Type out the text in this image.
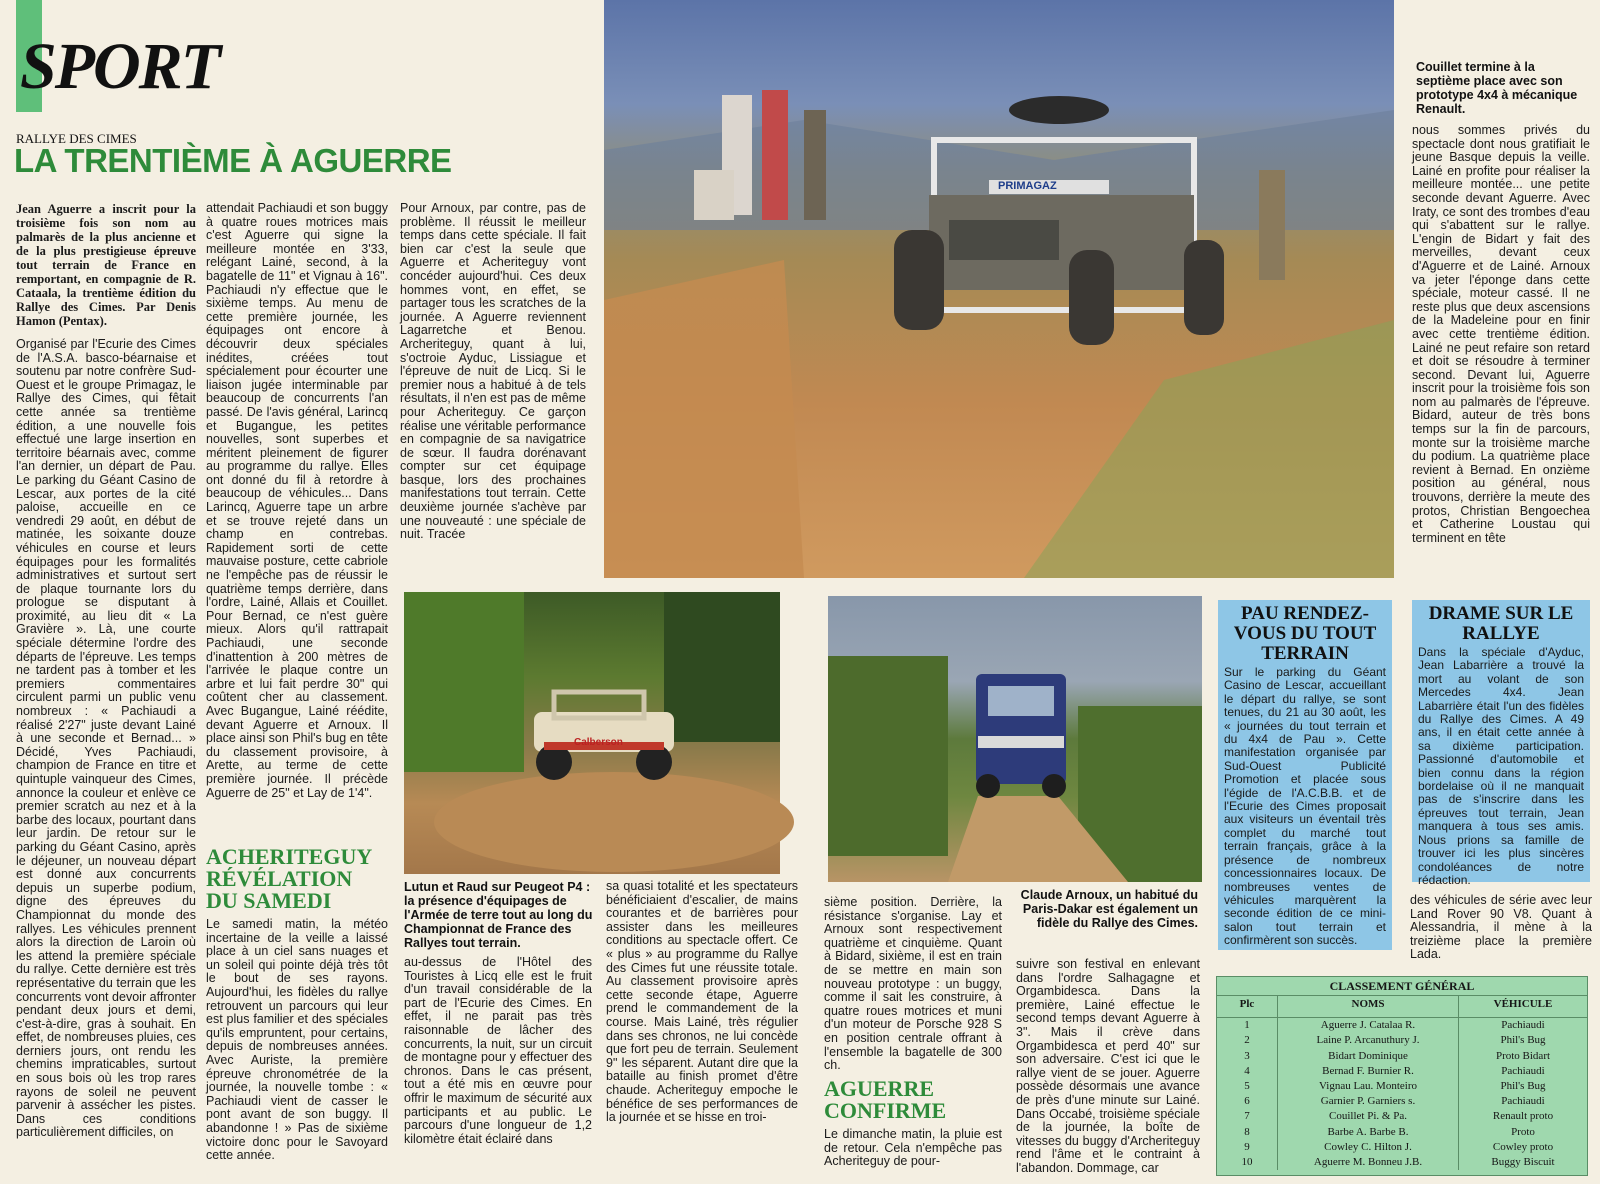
SPORT
RALLYE DES CIMES
LA TRENTIÈME À AGUERRE

Jean Aguerre a inscrit pour la troisième fois son nom au palmarès de la plus ancienne et de la plus prestigieuse épreuve tout terrain de France en remportant, en compagnie de R. Cataala, la trentième édition du Rallye des Cimes. Par Denis Hamon (Pentax).

Organisé par l'Ecurie des Cimes de l'A.S.A. basco-béarnaise et soutenu par notre confrère Sud-Ouest et le groupe Primagaz, le Rallye des Cimes, qui fêtait cette année sa trentième édition, a une nouvelle fois effectué une large insertion en territoire béarnais avec, comme l'an dernier, un départ de Pau. Le parking du Géant Casino de Lescar, aux portes de la cité paloise, accueille en ce vendredi 29 août, en début de matinée, les soixante douze véhicules en course et leurs équipages pour les formalités administratives et surtout sert de plaque tournante lors du prologue se disputant à proximité, au lieu dit « La Gravière ». Là, une courte spéciale détermine l'ordre des départs de l'épreuve. Les temps ne tardent pas à tomber et les premiers commentaires circulent parmi un public venu nombreux : « Pachiaudi a réalisé 2'27" juste devant Lainé à une seconde et Bernad... » Décidé, Yves Pachiaudi, champion de France en titre et quintuple vainqueur des Cimes, annonce la couleur et enlève ce premier scratch au nez et à la barbe des locaux, pourtant dans leur jardin. De retour sur le parking du Géant Casino, après le déjeuner, un nouveau départ est donné aux concurrents depuis un superbe podium, digne des épreuves du Championnat du monde des rallyes. Les véhicules prennent alors la direction de Laroin où les attend la première spéciale du rallye. Cette dernière est très représentative du terrain que les concurrents vont devoir affronter pendant deux jours et demi, c'est-à-dire, gras à souhait. En effet, de nombreuses pluies, ces derniers jours, ont rendu les chemins impraticables, surtout en sous bois où les trop rares rayons de soleil ne peuvent parvenir à assécher les pistes. Dans ces conditions particulièrement difficiles, on

attendait Pachiaudi et son buggy à quatre roues motrices mais c'est Aguerre qui signe la meilleure montée en 3'33, relégant Lainé, second, à la bagatelle de 11" et Vignau à 16". Pachiaudi n'y effectue que le sixième temps. Au menu de cette première journée, les équipages ont encore à découvrir deux spéciales inédites, créées tout spécialement pour écourter une liaison jugée interminable par beaucoup de concurrents l'an passé. De l'avis général, Larincq et Bugangue, les petites nouvelles, sont superbes et méritent pleinement de figurer au programme du rallye. Elles ont donné du fil à retordre à beaucoup de véhicules... Dans Larincq, Aguerre tape un arbre et se trouve rejeté dans un champ en contrebas. Rapidement sorti de cette mauvaise posture, cette cabriole ne l'empêche pas de réussir le quatrième temps derrière, dans l'ordre, Lainé, Allais et Couillet. Pour Bernad, ce n'est guère mieux. Alors qu'il rattrapait Pachiaudi, une seconde d'inattention à 200 mètres de l'arrivée le plaque contre un arbre et lui fait perdre 30" qui coûtent cher au classement. Avec Bugangue, Lainé réédite, devant Aguerre et Arnoux. Il place ainsi son Phil's bug en tête du classement provisoire, à Arette, au terme de cette première journée. Il précède Aguerre de 25" et Lay de 1'4".

ACHERITEGUY RÉVÉLATION DU SAMEDI

Le samedi matin, la météo incertaine de la veille a laissé place à un ciel sans nuages et un soleil qui pointe déjà très tôt le bout de ses rayons. Aujourd'hui, les fidèles du rallye retrouvent un parcours qui leur est plus familier et des spéciales qu'ils empruntent, pour certains, depuis de nombreuses années. Avec Auriste, la première épreuve chronométrée de la journée, la nouvelle tombe : « Pachiaudi vient de casser le pont avant de son buggy. Il abandonne ! » Pas de sixième victoire donc pour le Savoyard cette année.

Pour Arnoux, par contre, pas de problème. Il réussit le meilleur temps dans cette spéciale. Il fait bien car c'est la seule que Aguerre et Acheriteguy vont concéder aujourd'hui. Ces deux hommes vont, en effet, se partager tous les scratches de la journée. A Aguerre reviennent Lagarretche et Benou. Archeriteguy, quant à lui, s'octroie Ayduc, Lissiague et l'épreuve de nuit de Licq. Si le premier nous a habitué à de tels résultats, il n'en est pas de même pour Acheriteguy. Ce garçon réalise une véritable performance en compagnie de sa navigatrice de sœur. Il faudra dorénavant compter sur cet équipage basque, lors des prochaines manifestations tout terrain. Cette deuxième journée s'achève par une nouveauté : une spéciale de nuit. Tracée

Calberson
Lutun et Raud sur Peugeot P4 : la présence d'équipages de l'Armée de terre tout au long du Championnat de France des Rallyes tout terrain.

au-dessus de l'Hôtel des Touristes à Licq elle est le fruit d'un travail considérable de la part de l'Ecurie des Cimes. En effet, il ne parait pas très raisonnable de lâcher des concurrents, la nuit, sur un circuit de montagne pour y effectuer des chronos. Dans le cas présent, tout a été mis en œuvre pour offrir le maximum de sécurité aux participants et au public. Le parcours d'une longueur de 1,2 kilomètre était éclairé dans

sa quasi totalité et les spectateurs bénéficiaient d'escalier, de mains courantes et de barrières pour assister dans les meilleures conditions au spectacle offert. Ce « plus » au programme du Rallye des Cimes fut une réussite totale. Au classement provisoire après cette seconde étape, Aguerre prend le commandement de la course. Mais Lainé, très régulier dans ses chronos, ne lui concède que fort peu de terrain. Seulement 9" les séparent. Autant dire que la bataille au finish promet d'être chaude. Acheriteguy empoche le bénéfice de ses performances de la journée et se hisse en troi-

PRIMAGAZ

sième position. Derrière, la résistance s'organise. Lay et Arnoux sont respectivement quatrième et cinquième. Quant à Bidard, sixième, il est en train de se mettre en main son nouveau prototype : un buggy, comme il sait les construire, à quatre roues motrices et muni d'un moteur de Porsche 928 S en position centrale offrant à l'ensemble la bagatelle de 300 ch.

AGUERRE CONFIRME

Le dimanche matin, la pluie est de retour. Cela n'empêche pas Acheriteguy de pour-

Claude Arnoux, un habitué du Paris-Dakar est également un fidèle du Rallye des Cimes.

suivre son festival en enlevant dans l'ordre Salhagagne et Orgambidesca. Dans la première, Lainé effectue le second temps devant Aguerre à 3". Mais il crève dans Orgambidesca et perd 40" sur son adversaire. C'est ici que le rallye vient de se jouer. Aguerre possède désormais une avance de près d'une minute sur Lainé. Dans Occabé, troisième spéciale de la journée, la boîte de vitesses du buggy d'Archeriteguy rend l'âme et le contraint à l'abandon. Dommage, car

Couillet termine à la septième place avec son prototype 4x4 à mécanique Renault.

nous sommes privés du spectacle dont nous gratifiait le jeune Basque depuis la veille. Lainé en profite pour réaliser la meilleure montée... une petite seconde devant Aguerre. Avec Iraty, ce sont des trombes d'eau qui s'abattent sur le rallye. L'engin de Bidart y fait des merveilles, devant ceux d'Aguerre et de Lainé. Arnoux va jeter l'éponge dans cette spéciale, moteur cassé. Il ne reste plus que deux ascensions de la Madeleine pour en finir avec cette trentième édition. Lainé ne peut refaire son retard et doit se résoudre à terminer second. Devant lui, Aguerre inscrit pour la troisième fois son nom au palmarès de l'épreuve. Bidard, auteur de très bons temps sur la fin de parcours, monte sur la troisième marche du podium. La quatrième place revient à Bernad. En onzième position au général, nous trouvons, derrière la meute des protos, Christian Bengoechea et Catherine Loustau qui terminent en tête

PAU RENDEZ-VOUS DU TOUT TERRAIN
Sur le parking du Géant Casino de Lescar, accueillant le départ du rallye, se sont tenues, du 21 au 30 août, les « journées du tout terrain et du 4x4 de Pau ». Cette manifestation organisée par Sud-Ouest Publicité Promotion et placée sous l'égide de l'A.C.B.B. et de l'Ecurie des Cimes proposait aux visiteurs un éventail très complet du marché tout terrain français, grâce à la présence de nombreux concessionnaires locaux. De nombreuses ventes de véhicules marquèrent la seconde édition de ce mini-salon tout terrain et confirmèrent son succès.
DRAME SUR LE RALLYE
Dans la spéciale d'Ayduc, Jean Labarrière a trouvé la mort au volant de son Mercedes 4x4. Jean Labarrière était l'un des fidèles du Rallye des Cimes. A 49 ans, il en était cette année à sa dixième participation. Passionné d'automobile et bien connu dans la région bordelaise où il ne manquait pas de s'inscrire dans les épreuves tout terrain, Jean manquera à tous ses amis. Nous prions sa famille de trouver ici les plus sincères condoléances de notre rédaction.

des véhicules de série avec leur Land Rover 90 V8. Quant à Alessandria, il mène à la treizième place la première Lada.

CLASSEMENT GÉNÉRAL
Plc	NOMS	VÉHICULE
1	Aguerre J. Catalaa R.	Pachiaudi
2	Laine P. Arcanuthury J.	Phil's Bug
3	Bidart Dominique	Proto Bidart
4	Bernad F. Burnier R.	Pachiaudi
5	Vignau Lau. Monteiro	Phil's Bug
6	Garnier P. Garniers s.	Pachiaudi
7	Couillet Pi. & Pa.	Renault proto
8	Barbe A. Barbe B.	Proto
9	Cowley C. Hilton J.	Cowley proto
10	Aguerre M. Bonneu J.B.	Buggy Biscuit
